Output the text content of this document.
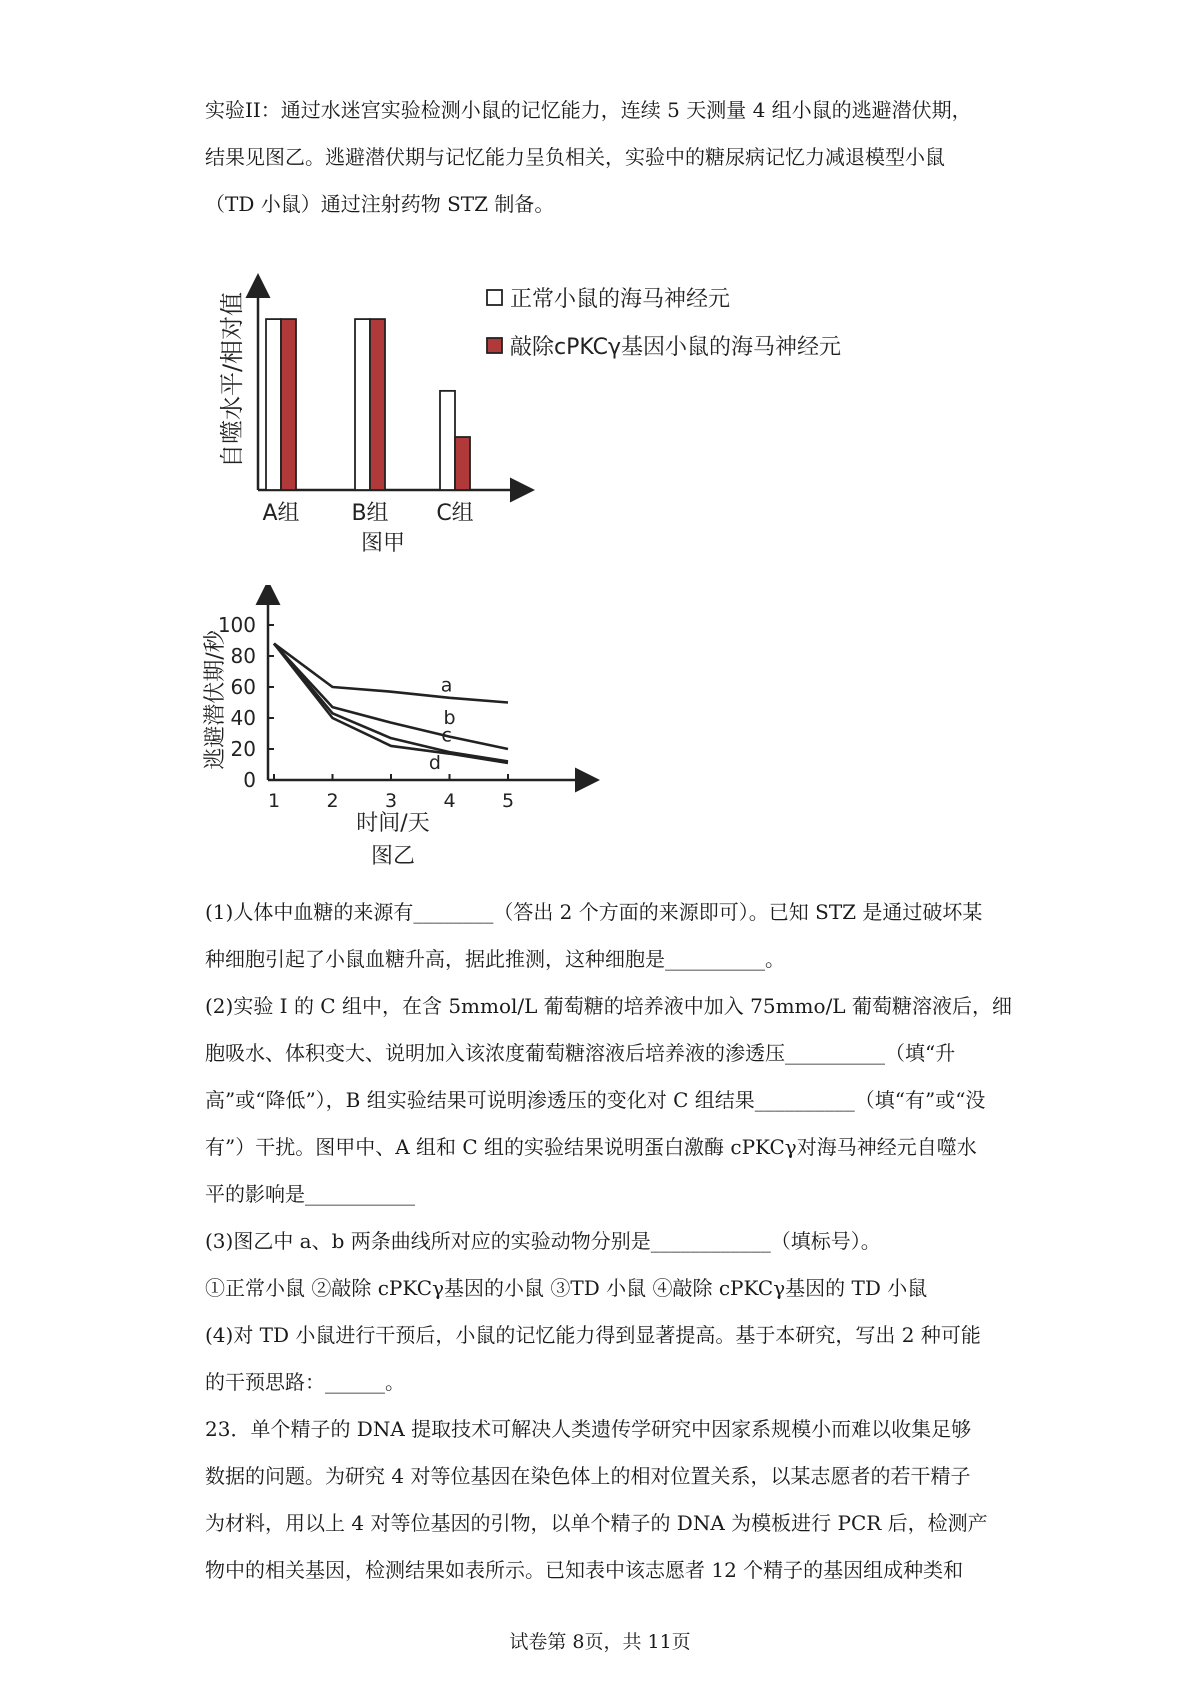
实验II：通过水迷宫实验检测小鼠的记忆能力，连续 5 天测量 4 组小鼠的逃避潜伏期，
结果见图乙。逃避潜伏期与记忆能力呈负相关，实验中的糖尿病记忆力减退模型小鼠
（TD 小鼠）通过注射药物 STZ 制备。
自噬水平/相对值
A组 B组 C组
图甲
正常小鼠的海马神经元
敲除cPKCγ基因小鼠的海马神经元
逃避潜伏期/秒
0
20
40
60
80
100
1 2 3 4 5
a
b
c
d
时间/天
图乙
(1)人体中血糖的来源有________（答出 2 个方面的来源即可）。已知 STZ 是通过破坏某
种细胞引起了小鼠血糖升高，据此推测，这种细胞是__________。
(2)实验 I 的 C 组中，在含 5mmol/L 葡萄糖的培养液中加入 75mmo/L 葡萄糖溶液后，细
胞吸水、体积变大、说明加入该浓度葡萄糖溶液后培养液的渗透压__________（填“升
高”或“降低”），B 组实验结果可说明渗透压的变化对 C 组结果__________（填“有”或“没
有”）干扰。图甲中、A 组和 C 组的实验结果说明蛋白激酶 cPKCγ对海马神经元自噬水
平的影响是___________
(3)图乙中 a、b 两条曲线所对应的实验动物分别是____________（填标号）。
①正常小鼠 ②敲除 cPKCγ基因的小鼠 ③TD 小鼠 ④敲除 cPKCγ基因的 TD 小鼠
(4)对 TD 小鼠进行干预后，小鼠的记忆能力得到显著提高。基于本研究，写出 2 种可能
的干预思路：______。
23．单个精子的 DNA 提取技术可解决人类遗传学研究中因家系规模小而难以收集足够
数据的问题。为研究 4 对等位基因在染色体上的相对位置关系，以某志愿者的若干精子
为材料，用以上 4 对等位基因的引物，以单个精子的 DNA 为模板进行 PCR 后，检测产
物中的相关基因，检测结果如表所示。已知表中该志愿者 12 个精子的基因组成种类和
试卷第 8页，共 11页
